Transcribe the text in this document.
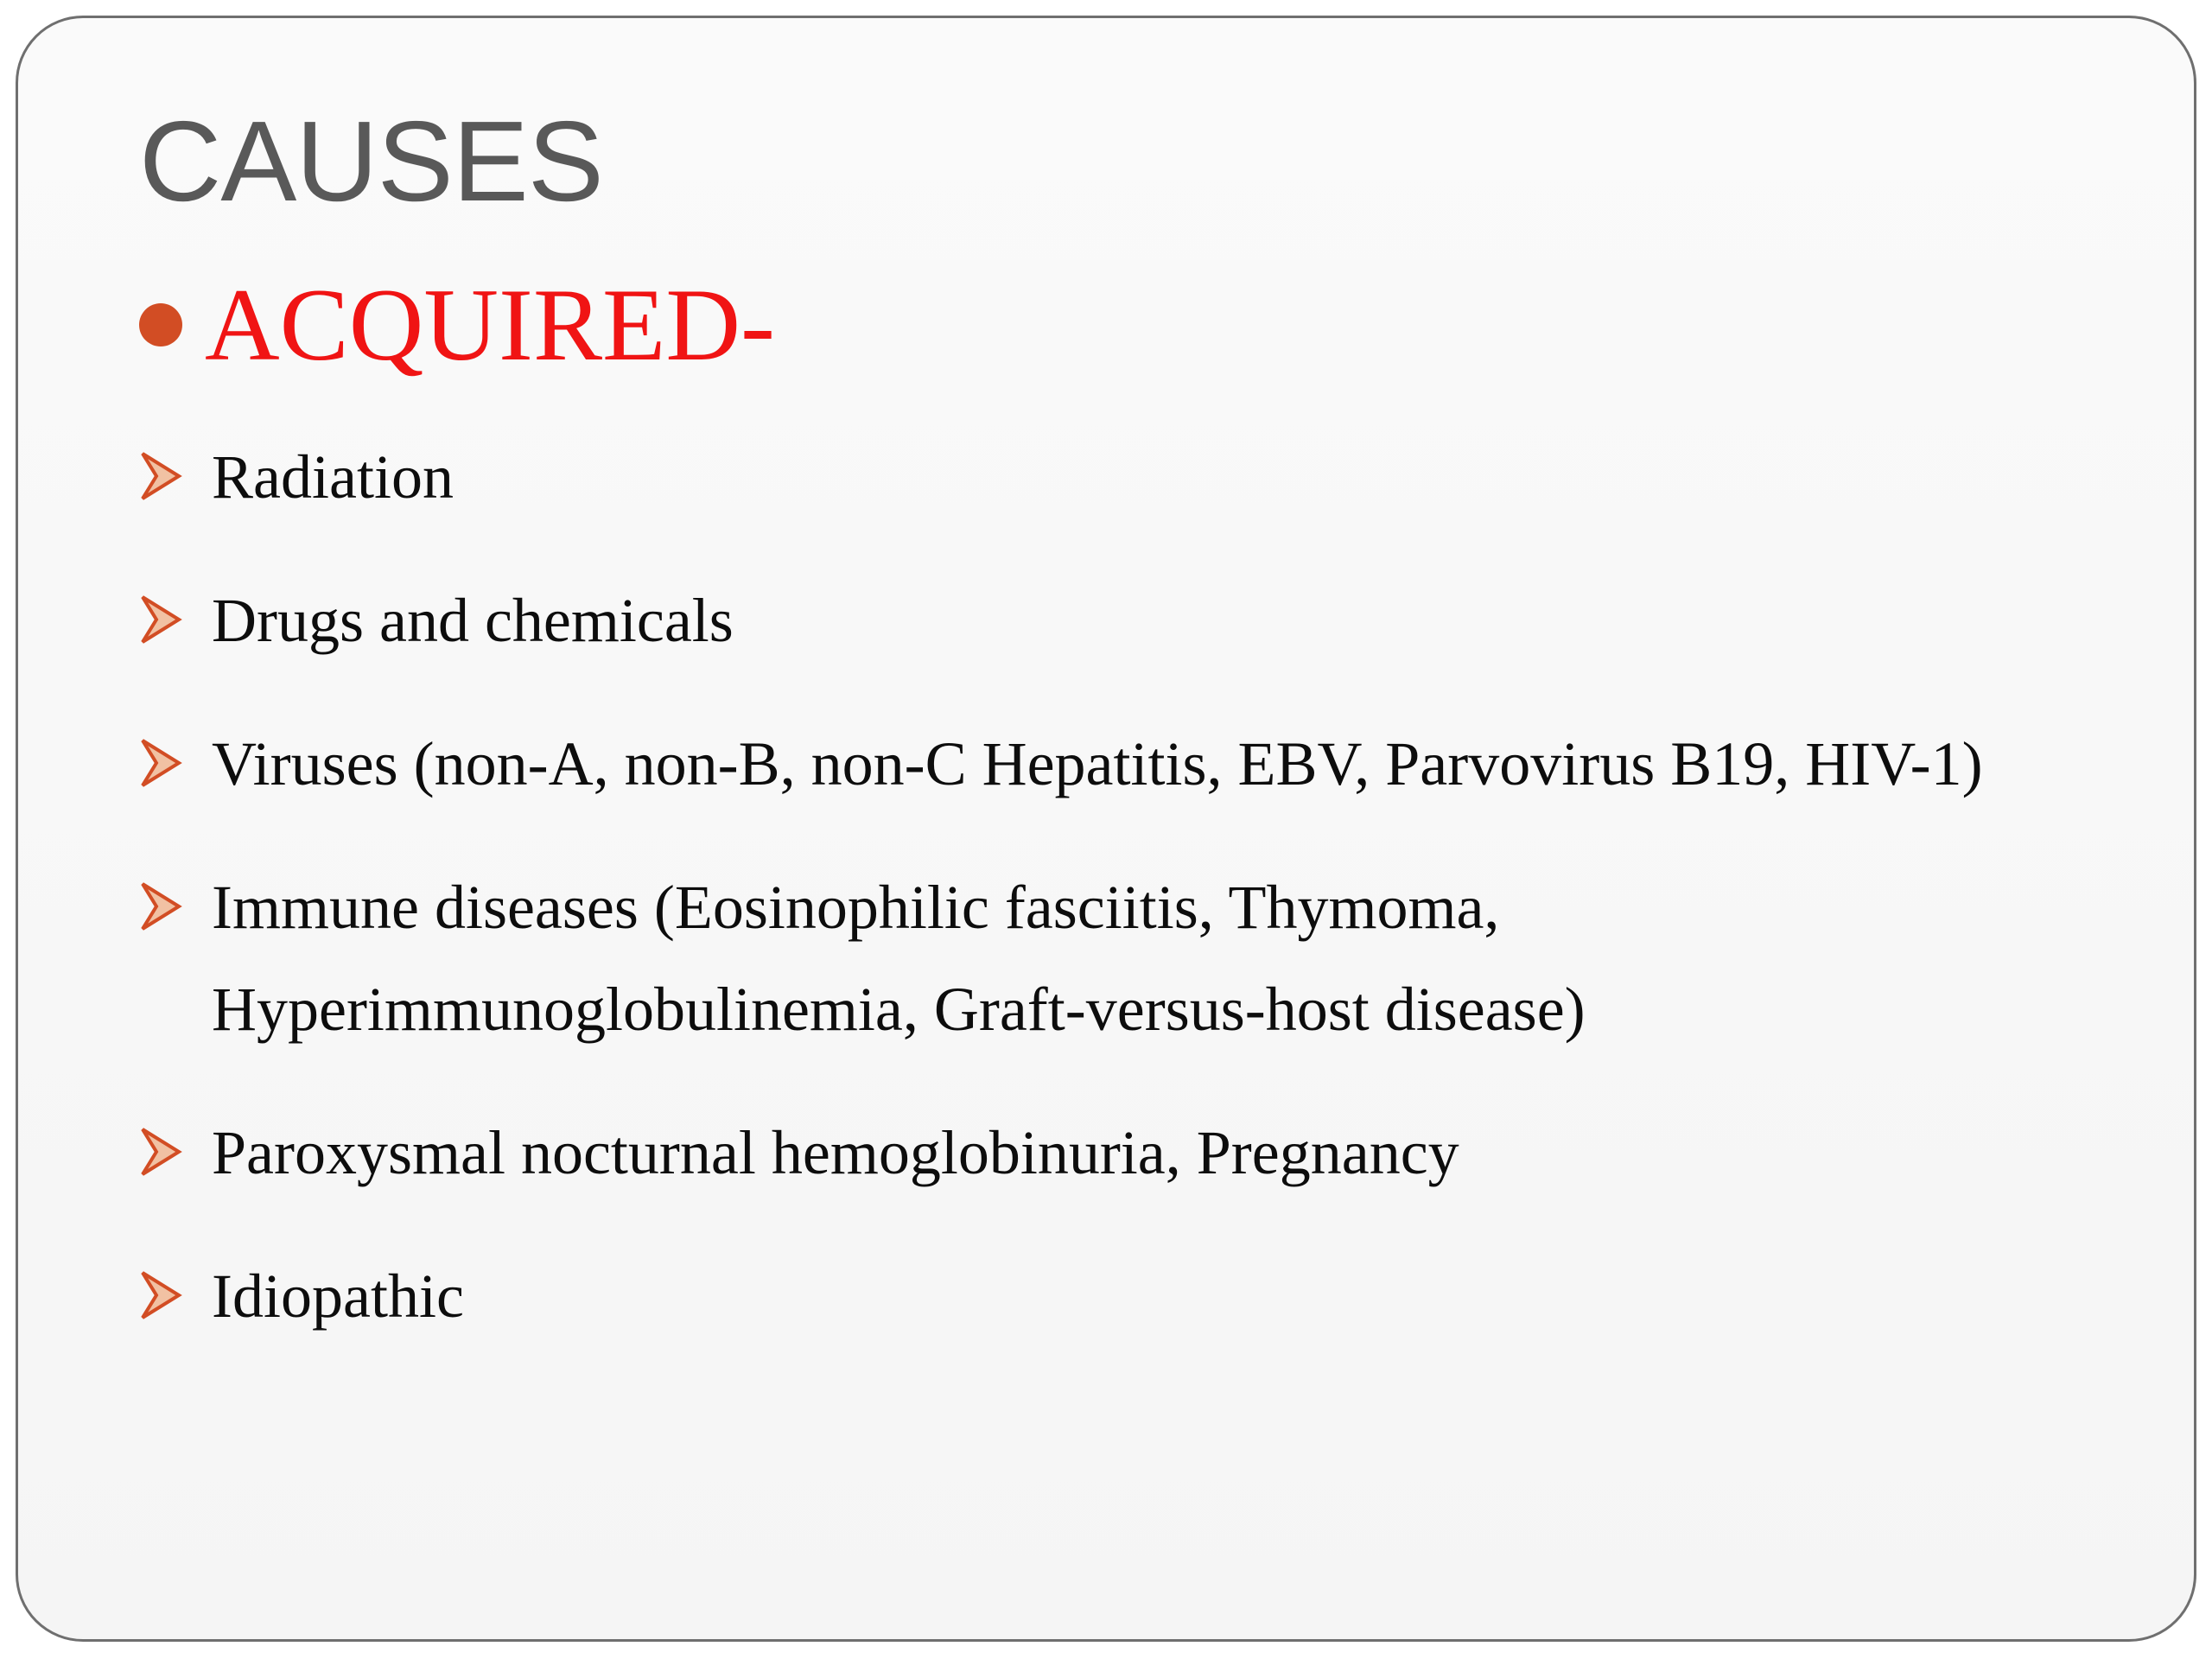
CAUSES
ACQUIRED-
Radiation
Drugs and chemicals
Viruses (non-A, non-B, non-C Hepatitis, EBV, Parvovirus B19, HIV-1)
Immune diseases (Eosinophilic fasciitis, Thymoma, Hyperimmunoglobulinemia, Graft-versus-host disease)
Paroxysmal nocturnal hemoglobinuria, Pregnancy
Idiopathic
